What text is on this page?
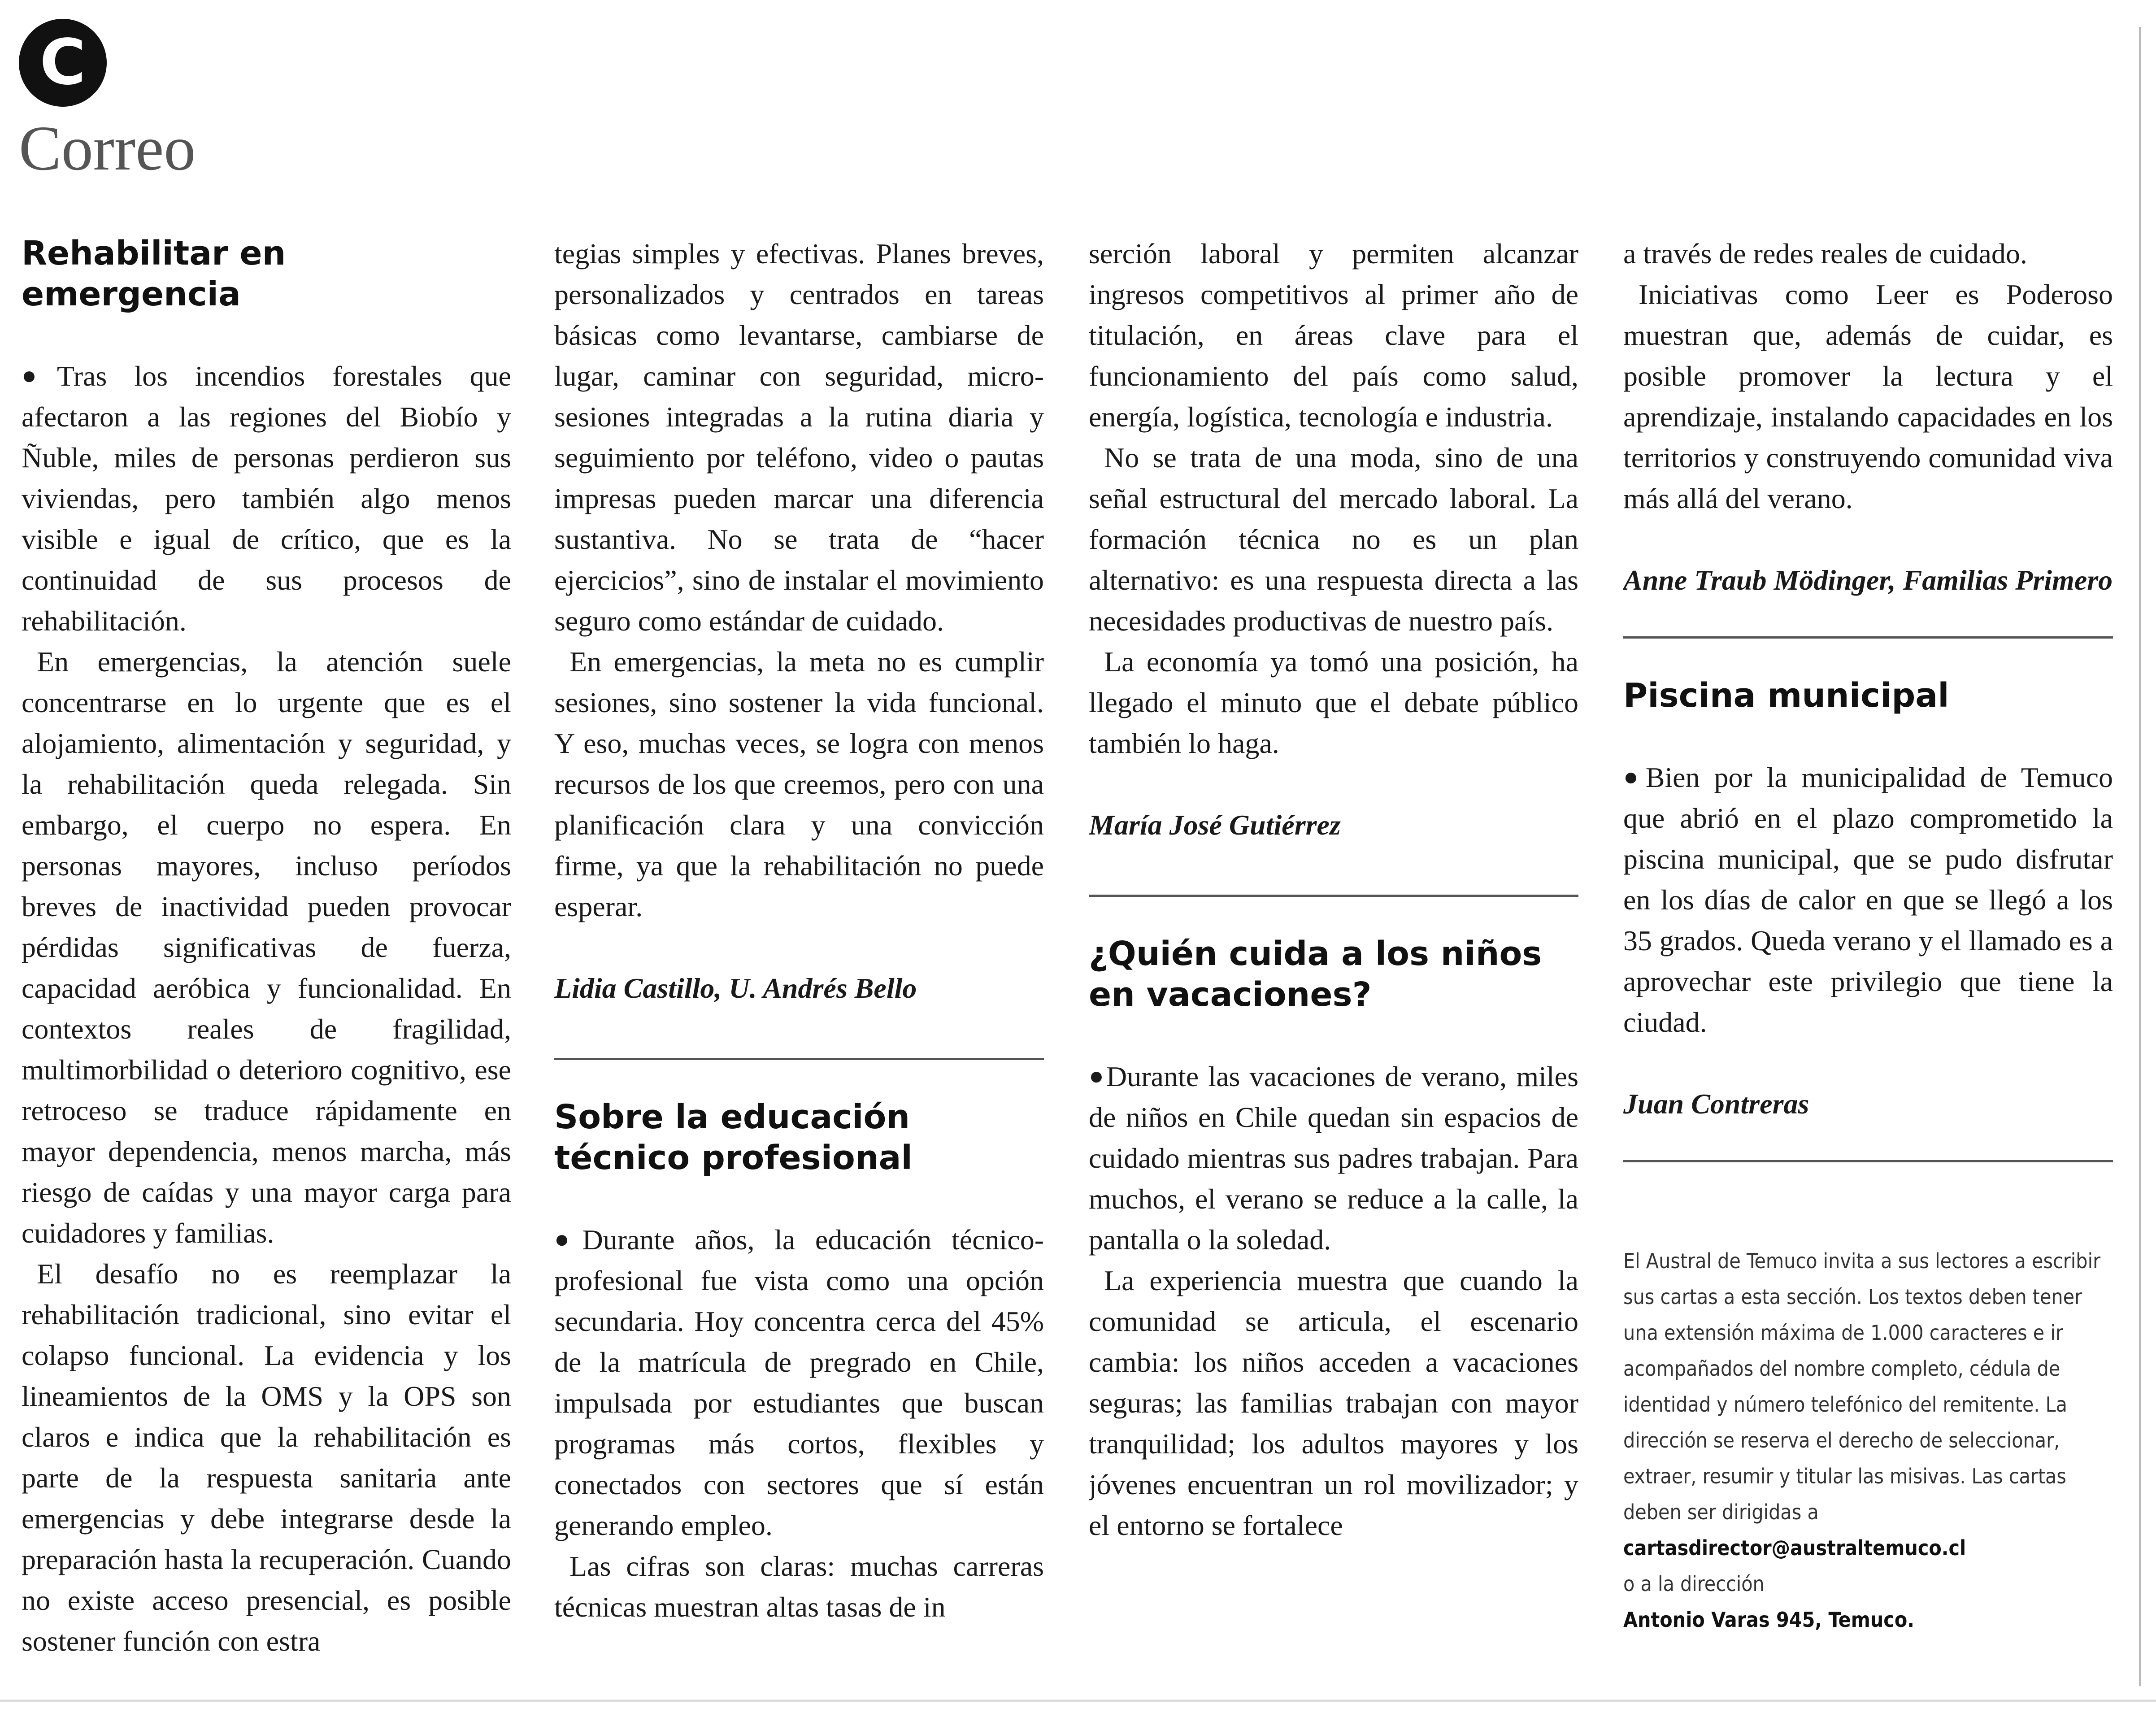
C
Correo
Rehabilitar en emergencia

●Tras los incendios forestales que afectaron a las regiones del Biobío y Ñuble, miles de personas perdieron sus viviendas, pero también algo menos visible e igual de crítico, que es la continuidad de sus procesos de rehabilitación.

En emergencias, la atención suele concentrarse en lo urgente que es el alojamiento, alimentación y seguridad, y la rehabilitación queda relegada. Sin embargo, el cuerpo no espera. En personas mayores, incluso períodos breves de inactividad pueden provocar pérdidas significativas de fuerza, capacidad aeróbica y funcionalidad. En contextos reales de fragilidad, multimorbilidad o deterioro cognitivo, ese retroceso se traduce rápidamente en mayor dependencia, menos marcha, más riesgo de caídas y una mayor carga para cuidadores y familias.

El desafío no es reemplazar la rehabilitación tradicional, sino evitar el colapso funcional. La evidencia y los lineamientos de la OMS y la OPS son claros e indica que la rehabilitación es parte de la respuesta sanitaria ante emergencias y debe integrarse desde la preparación hasta la recuperación. Cuando no existe acceso presencial, es posible sostener función con estra

tegias simples y efectivas. Planes breves, personalizados y centrados en tareas básicas como levantarse, cambiarse de lugar, caminar con seguridad, micro-sesiones integradas a la rutina diaria y seguimiento por teléfono, video o pautas impresas pueden marcar una diferencia sustantiva. No se trata de “hacer ejercicios”, sino de instalar el movimiento seguro como estándar de cuidado.

En emergencias, la meta no es cumplir sesiones, sino sostener la vida funcional. Y eso, muchas veces, se logra con menos recursos de los que creemos, pero con una planificación clara y una convicción firme, ya que la rehabilitación no puede esperar.

Lidia Castillo, U. Andrés Bello

Sobre la educación técnico profesional

●Durante años, la educación técnico-profesional fue vista como una opción secundaria. Hoy concentra cerca del 45% de la matrícula de pregrado en Chile, impulsada por estudiantes que buscan programas más cortos, flexibles y conectados con sectores que sí están generando empleo.

Las cifras son claras: muchas carreras técnicas muestran altas tasas de in

serción laboral y permiten alcanzar ingresos competitivos al primer año de titulación, en áreas clave para el funcionamiento del país como salud, energía, logística, tecnología e industria.

No se trata de una moda, sino de una señal estructural del mercado laboral. La formación técnica no es un plan alternativo: es una respuesta directa a las necesidades productivas de nuestro país.

La economía ya tomó una posición, ha llegado el minuto que el debate público también lo haga.

María José Gutiérrez

¿Quién cuida a los niños en vacaciones?

●Durante las vacaciones de verano, miles de niños en Chile quedan sin espacios de cuidado mientras sus padres trabajan. Para muchos, el verano se reduce a la calle, la pantalla o la soledad.

La experiencia muestra que cuando la comunidad se articula, el escenario cambia: los niños acceden a vacaciones seguras; las familias trabajan con mayor tranquilidad; los adultos mayores y los jóvenes encuentran un rol movilizador; y el entorno se fortalece

a través de redes reales de cuidado.

Iniciativas como Leer es Poderoso muestran que, además de cuidar, es posible promover la lectura y el aprendizaje, instalando capacidades en los territorios y construyendo comunidad viva más allá del verano.

Anne Traub Mödinger, Familias Primero

Piscina municipal

●Bien por la municipalidad de Temuco que abrió en el plazo comprometido la piscina municipal, que se pudo disfrutar en los días de calor en que se llegó a los 35 grados. Queda verano y el llamado es a aprovechar este privilegio que tiene la ciudad.

Juan Contreras

El Austral de Temuco invita a sus lectores a escribir sus cartas a esta sección. Los textos deben tener una extensión máxima de 1.000 caracteres e ir acompañados del nombre completo, cédula de identidad y número telefónico del remitente. La dirección se reserva el derecho de seleccionar, extraer, resumir y titular las misivas. Las cartas deben ser dirigidas a

cartasdirector@australtemuco.cl

o a la dirección

Antonio Varas 945, Temuco.
